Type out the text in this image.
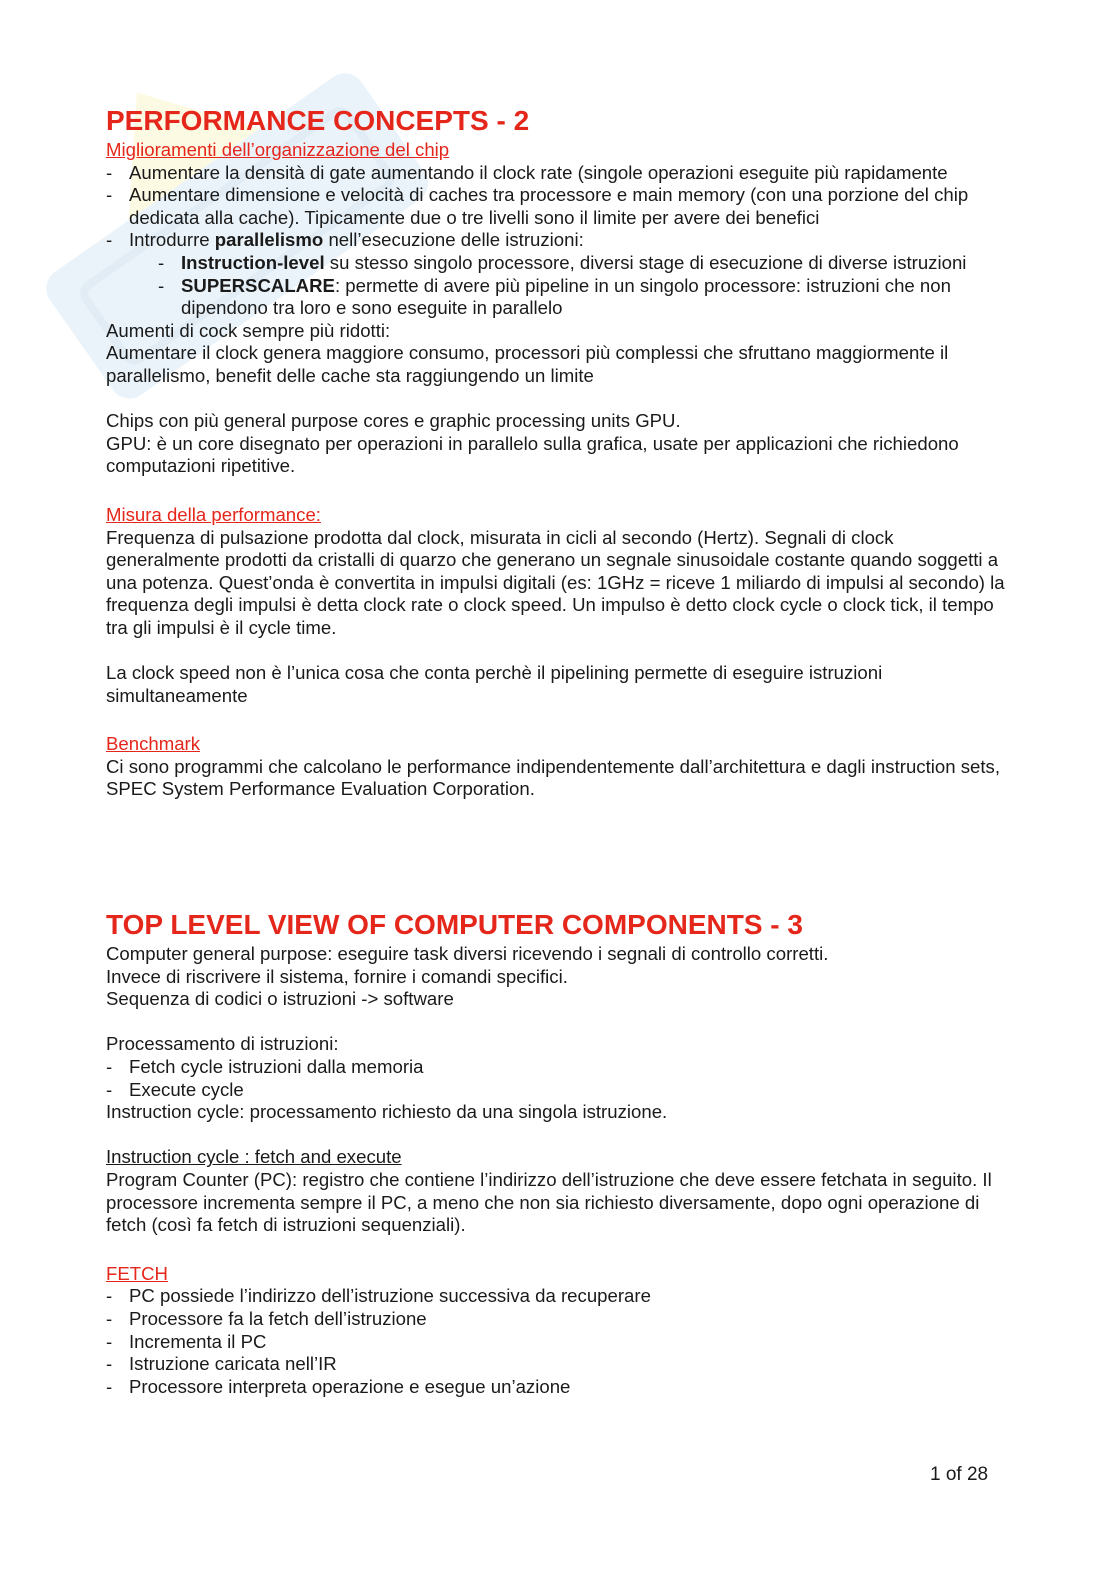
PERFORMANCE CONCEPTS - 2

Miglioramenti dell’organizzazione del chip

- Aumentare la densità di gate aumentando il clock rate (singole operazioni eseguite più rapidamente
- Aumentare dimensione e velocità di caches tra processore e main memory (con una porzione del chip dedicata alla cache). Tipicamente due o tre livelli sono il limite per avere dei benefici
- Introdurre parallelismo nell’esecuzione delle istruzioni:
- Instruction-level su stesso singolo processore, diversi stage di esecuzione di diverse istruzioni
- SUPERSCALARE: permette di avere più pipeline in un singolo processore: istruzioni che non dipendono tra loro e sono eseguite in parallelo

Aumenti di cock sempre più ridotti:

Aumentare il clock genera maggiore consumo, processori più complessi che sfruttano maggiormente il parallelismo, benefit delle cache sta raggiungendo un limite

Chips con più general purpose cores e graphic processing units GPU.

GPU: è un core disegnato per operazioni in parallelo sulla grafica, usate per applicazioni che richiedono computazioni ripetitive.

Misura della performance:

Frequenza di pulsazione prodotta dal clock, misurata in cicli al secondo (Hertz). Segnali di clock generalmente prodotti da cristalli di quarzo che generano un segnale sinusoidale costante quando soggetti a una potenza. Quest’onda è convertita in impulsi digitali (es: 1GHz = riceve 1 miliardo di impulsi al secondo) la frequenza degli impulsi è detta clock rate o clock speed. Un impulso è detto clock cycle o clock tick, il tempo tra gli impulsi è il cycle time.

La clock speed non è l’unica cosa che conta perchè il pipelining permette di eseguire istruzioni simultaneamente

Benchmark

Ci sono programmi che calcolano le performance indipendentemente dall’architettura e dagli instruction sets, SPEC System Performance Evaluation Corporation.

TOP LEVEL VIEW OF COMPUTER COMPONENTS - 3

Computer general purpose: eseguire task diversi ricevendo i segnali di controllo corretti.

Invece di riscrivere il sistema, fornire i comandi specifici.

Sequenza di codici o istruzioni -> software

Processamento di istruzioni:

- Fetch cycle istruzioni dalla memoria
- Execute cycle

Instruction cycle: processamento richiesto da una singola istruzione.

Instruction cycle : fetch and execute

Program Counter (PC): registro che contiene l’indirizzo dell’istruzione che deve essere fetchata in seguito. Il processore incrementa sempre il PC, a meno che non sia richiesto diversamente, dopo ogni operazione di fetch (così fa fetch di istruzioni sequenziali).

FETCH

- PC possiede l’indirizzo dell’istruzione successiva da recuperare
- Processore fa la fetch dell’istruzione
- Incrementa il PC
- Istruzione caricata nell’IR
- Processore interpreta operazione e esegue un’azione
1 of 28
